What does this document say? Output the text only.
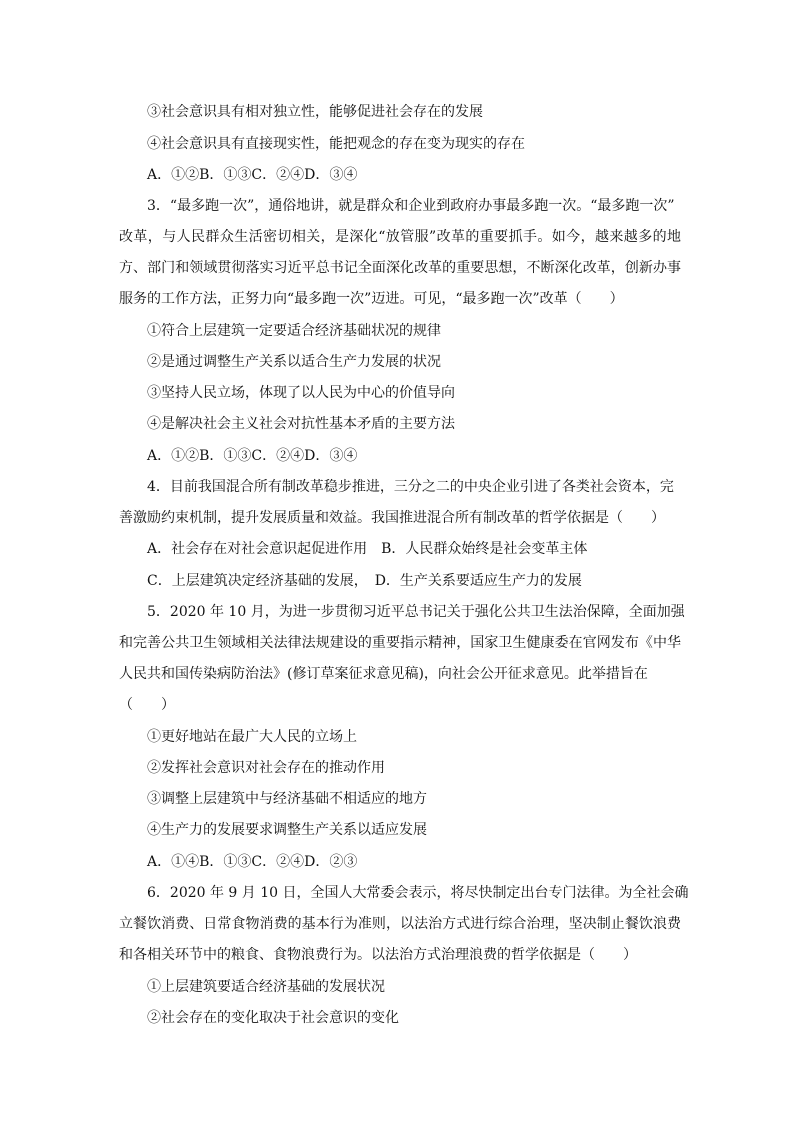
③社会意识具有相对独立性，能够促进社会存在的发展
④社会意识具有直接现实性，能把观念的存在变为现实的存在
A．①②B．①③C．②④D．③④
3．“最多跑一次”，通俗地讲，就是群众和企业到政府办事最多跑一次。“最多跑一次”
改革，与人民群众生活密切相关，是深化“放管服”改革的重要抓手。如今，越来越多的地
方、部门和领域贯彻落实习近平总书记全面深化改革的重要思想，不断深化改革，创新办事
服务的工作方法，正努力向“最多跑一次”迈进。可见，“最多跑一次”改革（　　）
①符合上层建筑一定要适合经济基础状况的规律
②是通过调整生产关系以适合生产力发展的状况
③坚持人民立场，体现了以人民为中心的价值导向
④是解决社会主义社会对抗性基本矛盾的主要方法
A．①②B．①③C．②④D．③④
4．目前我国混合所有制改革稳步推进，三分之二的中央企业引进了各类社会资本，完
善激励约束机制，提升发展质量和效益。我国推进混合所有制改革的哲学依据是（　　）
A．社会存在对社会意识起促进作用　B．人民群众始终是社会变革主体
C．上层建筑决定经济基础的发展，　D．生产关系要适应生产力的发展
5．2020 年 10 月，为进一步贯彻习近平总书记关于强化公共卫生法治保障，全面加强
和完善公共卫生领域相关法律法规建设的重要指示精神，国家卫生健康委在官网发布《中华
人民共和国传染病防治法》(修订草案征求意见稿)，向社会公开征求意见。此举措旨在
（　　）
①更好地站在最广大人民的立场上
②发挥社会意识对社会存在的推动作用
③调整上层建筑中与经济基础不相适应的地方
④生产力的发展要求调整生产关系以适应发展
A．①④B．①③C．②④D．②③
6．2020 年 9 月 10 日，全国人大常委会表示，将尽快制定出台专门法律。为全社会确
立餐饮消费、日常食物消费的基本行为准则，以法治方式进行综合治理，坚决制止餐饮浪费
和各相关环节中的粮食、食物浪费行为。以法治方式治理浪费的哲学依据是（　　）
①上层建筑要适合经济基础的发展状况
②社会存在的变化取决于社会意识的变化
